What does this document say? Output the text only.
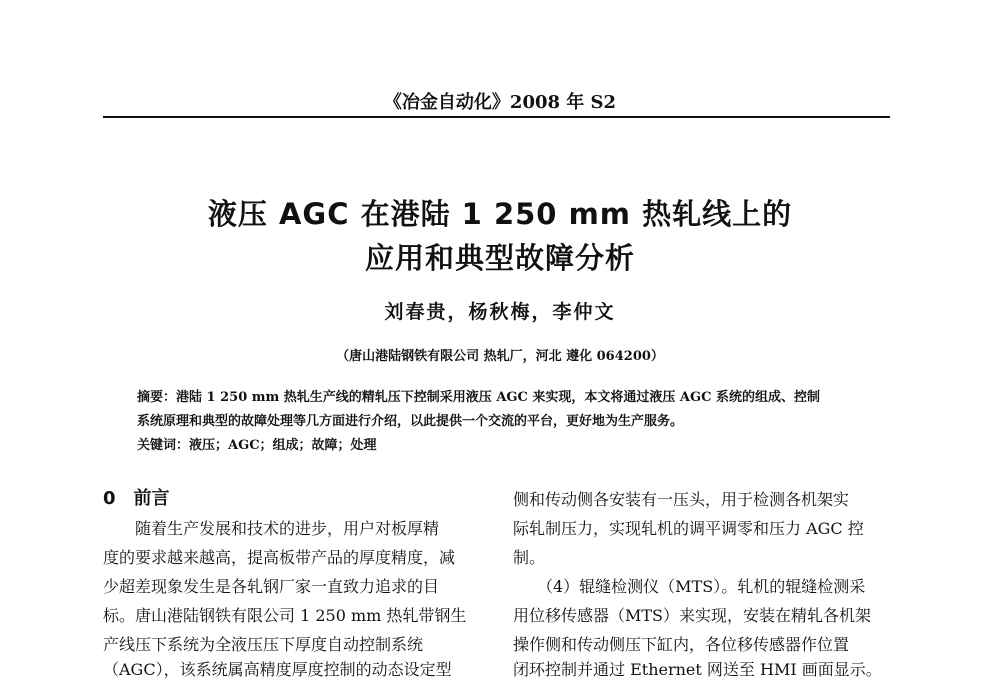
《冶金自动化》2008 年 S2
液压 AGC 在港陆 1 250 mm 热轧线上的
应用和典型故障分析
刘春贵，杨秋梅，李仲文
（唐山港陆钢铁有限公司 热轧厂，河北 遵化 064200）
摘要：港陆 1 250 mm 热轧生产线的精轧压下控制采用液压 AGC 来实现，本文将通过液压 AGC 系统的组成、控制
系统原理和典型的故障处理等几方面进行介绍，以此提供一个交流的平台，更好地为生产服务。
关键词：液压；AGC；组成；故障；处理
0 前言
　　随着生产发展和技术的进步，用户对板厚精
度的要求越来越高，提高板带产品的厚度精度，减
少超差现象发生是各轧钢厂家一直致力追求的目
标。唐山港陆钢铁有限公司 1 250 mm 热轧带钢生
产线压下系统为全液压压下厚度自动控制系统
（AGC），该系统属高精度厚度控制的动态设定型
侧和传动侧各安装有一压头，用于检测各机架实
际轧制压力，实现轧机的调平调零和压力 AGC 控
制。
　　（4）辊缝检测仪（MTS）。轧机的辊缝检测采
用位移传感器（MTS）来实现，安装在精轧各机架
操作侧和传动侧压下缸内，各位移传感器作位置
闭环控制并通过 Ethernet 网送至 HMI 画面显示。
